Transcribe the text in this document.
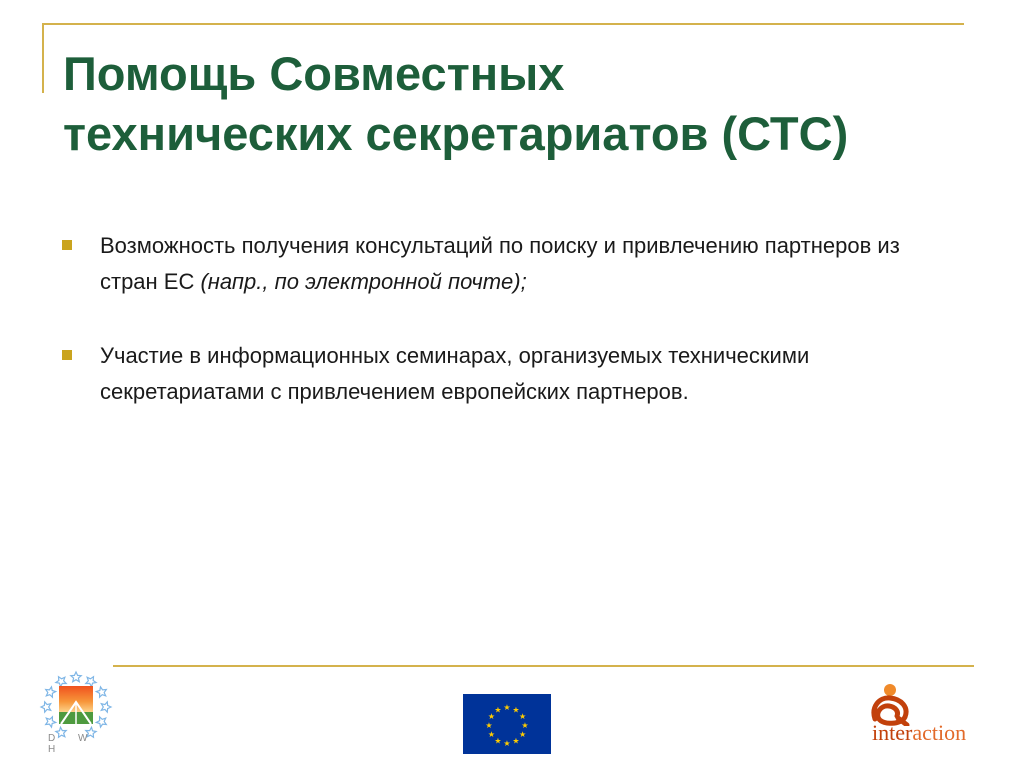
Помощь Совместных
технических секретариатов (СТС)
Возможность получения консультаций по поиску и привлечению партнеров из стран ЕС (напр., по электронной почте);
Участие в информационных семинарах, организуемых техническими секретариатами с привлечением европейских партнеров.
D W H
★ ★
★
★
★
★
★
★
★
★
★
★
interaction
